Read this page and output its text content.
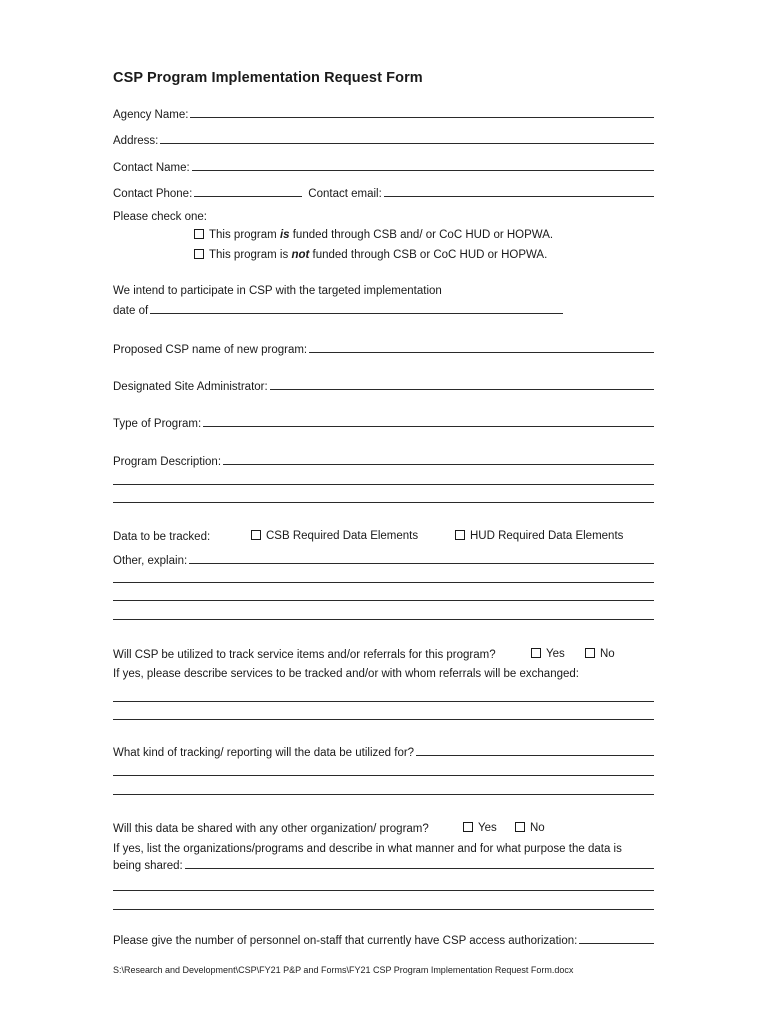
CSP Program Implementation Request Form
Agency Name:
Address:
Contact Name:
Contact Phone:	Contact email:
Please check one:
This program is funded through CSB and/ or CoC HUD or HOPWA.
This program is not funded through CSB or CoC HUD or HOPWA.
We intend to participate in CSP with the targeted implementation
date of
Proposed CSP name of new program:
Designated Site Administrator:
Type of Program:
Program Description:
Data to be tracked:	CSB Required Data Elements	HUD Required Data Elements
Other, explain:
Will CSP be utilized to track service items and/or referrals for this program?	Yes	No
If yes, please describe services to be tracked and/or with whom referrals will be exchanged:
What kind of tracking/ reporting will the data be utilized for?
Will this data be shared with any other organization/ program?	Yes	No
If yes, list the organizations/programs and describe in what manner and for what purpose the data is
being shared:
Please give the number of personnel on-staff that currently have CSP access authorization:
S:\Research and Development\CSP\FY21 P&P and Forms\FY21 CSP Program Implementation Request Form.docx
